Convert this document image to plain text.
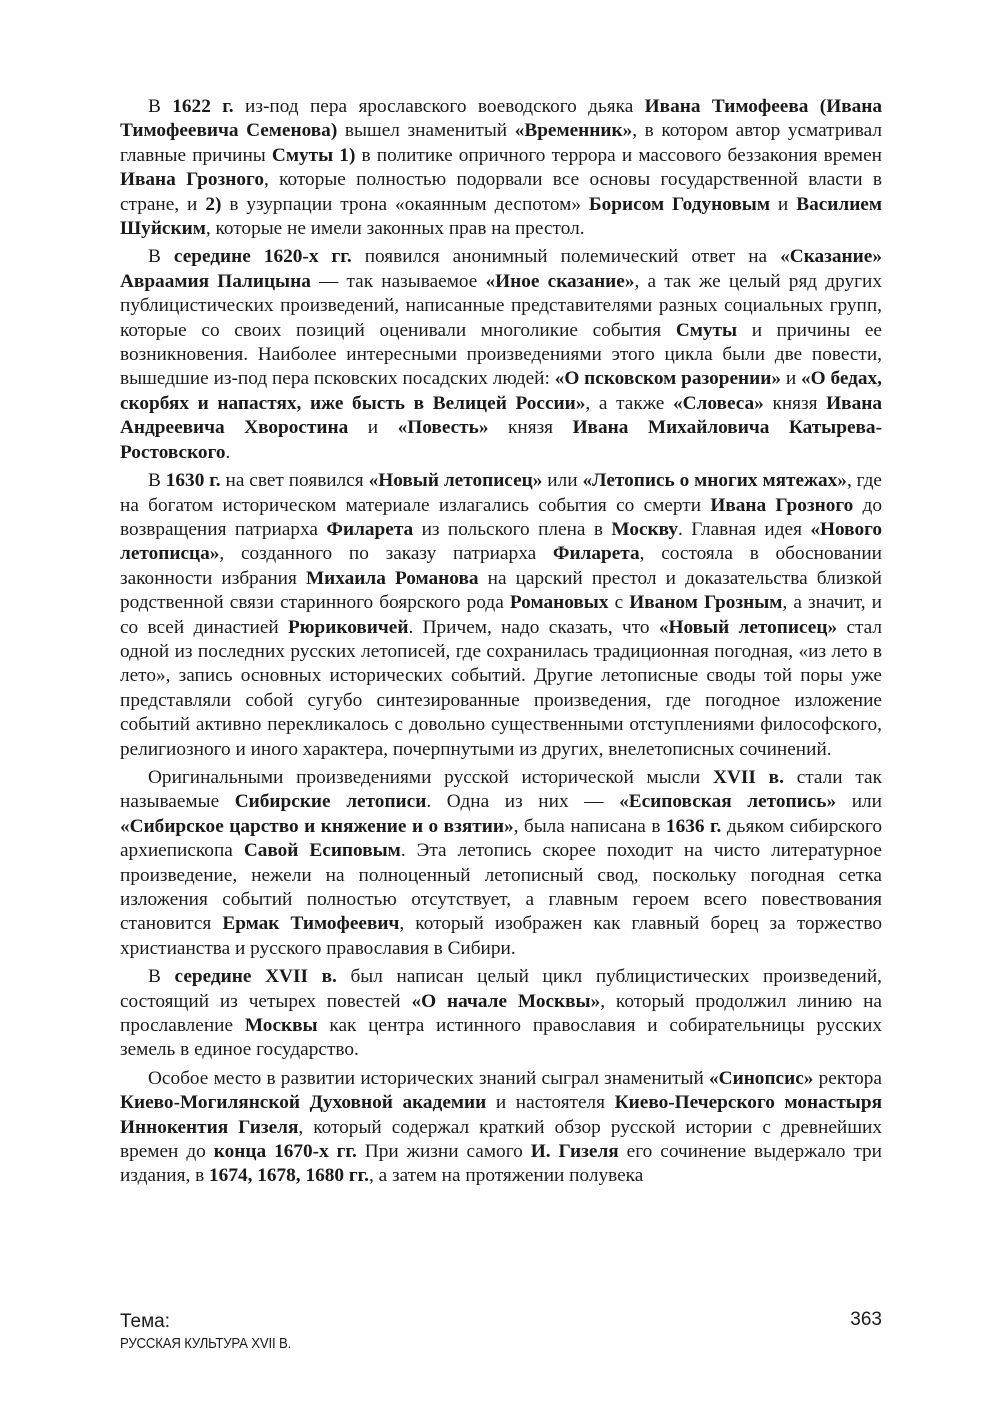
В 1622 г. из-под пера ярославского воеводского дьяка Ивана Тимофеева (Ивана Тимофеевича Семенова) вышел знаменитый «Временник», в котором автор усматривал главные причины Смуты 1) в политике опричного террора и массового беззакония времен Ивана Грозного, которые полностью подорвали все основы государственной власти в стране, и 2) в узурпации трона «окаянным деспотом» Борисом Годуновым и Василием Шуйским, которые не имели законных прав на престол.

В середине 1620-х гг. появился анонимный полемический ответ на «Сказание» Авраамия Палицына — так называемое «Иное сказание», а так же целый ряд других публицистических произведений, написанные представителями разных социальных групп, которые со своих позиций оценивали многоликие события Смуты и причины ее возникновения. Наиболее интересными произведениями этого цикла были две повести, вышедшие из-под пера псковских посадских людей: «О псковском разорении» и «О бедах, скорбях и напастях, иже бысть в Велицей России», а также «Словеса» князя Ивана Андреевича Хворостина и «Повесть» князя Ивана Михайловича Катырева-Ростовского.

В 1630 г. на свет появился «Новый летописец» или «Летопись о многих мятежах», где на богатом историческом материале излагались события со смерти Ивана Грозного до возвращения патриарха Филарета из польского плена в Москву. Главная идея «Нового летописца», созданного по заказу патриарха Филарета, состояла в обосновании законности избрания Михаила Романова на царский престол и доказательства близкой родственной связи старинного боярского рода Романовых с Иваном Грозным, а значит, и со всей династией Рюриковичей. Причем, надо сказать, что «Новый летописец» стал одной из последних русских летописей, где сохранилась традиционная погодная, «из лето в лето», запись основных исторических событий. Другие летописные своды той поры уже представляли собой сугубо синтезированные произведения, где погодное изложение событий активно перекликалось с довольно существенными отступлениями философского, религиозного и иного характера, почерпнутыми из других, внелетописных сочинений.

Оригинальными произведениями русской исторической мысли XVII в. стали так называемые Сибирские летописи. Одна из них — «Есиповская летопись» или «Сибирское царство и княжение и о взятии», была написана в 1636 г. дьяком сибирского архиепископа Савой Есиповым. Эта летопись скорее походит на чисто литературное произведение, нежели на полноценный летописный свод, поскольку погодная сетка изложения событий полностью отсутствует, а главным героем всего повествования становится Ермак Тимофеевич, который изображен как главный борец за торжество христианства и русского православия в Сибири.

В середине XVII в. был написан целый цикл публицистических произведений, состоящий из четырех повестей «О начале Москвы», который продолжил линию на прославление Москвы как центра истинного православия и собирательницы русских земель в единое государство.

Особое место в развитии исторических знаний сыграл знаменитый «Синопсис» ректора Киево-Могилянской Духовной академии и настоятеля Киево-Печерского монастыря Иннокентия Гизеля, который содержал краткий обзор русской истории с древнейших времен до конца 1670-х гг. При жизни самого И. Гизеля его сочинение выдержало три издания, в 1674, 1678, 1680 гг., а затем на протяжении полувека

Тема:
РУССКАЯ КУЛЬТУРА XVII В.
363
